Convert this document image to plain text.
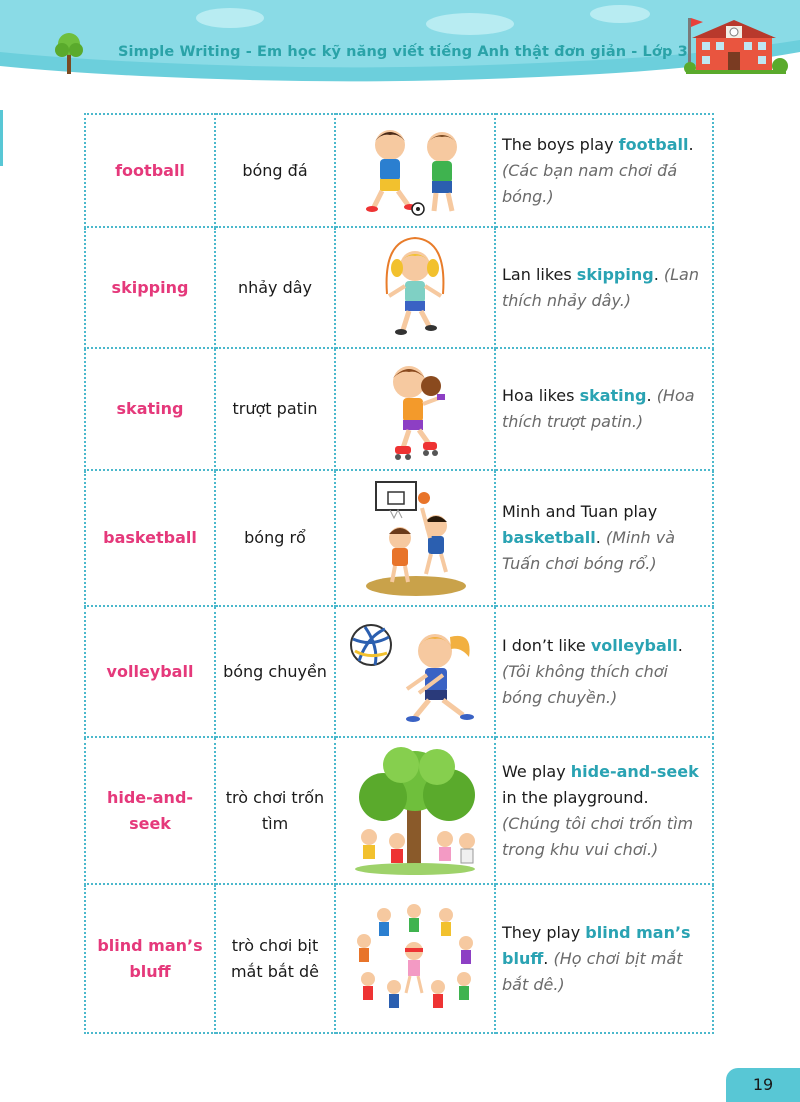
Simple Writing - Em học kỹ năng viết tiếng Anh thật đơn giản - Lớp 3
football	bóng đá		The boys play football. (Các bạn nam chơi đá bóng.)

skipping	nhảy dây		Lan likes skipping. (Lan thích nhảy dây.)

skating	trượt patin		Hoa likes skating. (Hoa thích trượt patin.)

basketball	bóng rổ		Minh and Tuan play basketball. (Minh và Tuấn chơi bóng rổ.)

volleyball	bóng chuyền		I don’t like volleyball. (Tôi không thích chơi bóng chuyền.)

hide-and-seek	trò chơi trốn tìm		We play hide-and-seek in the playground. (Chúng tôi chơi trốn tìm trong khu vui chơi.)

blind man’s bluff	trò chơi bịt mắt bắt dê		They play blind man’s bluff. (Họ chơi bịt mắt bắt dê.)
19
